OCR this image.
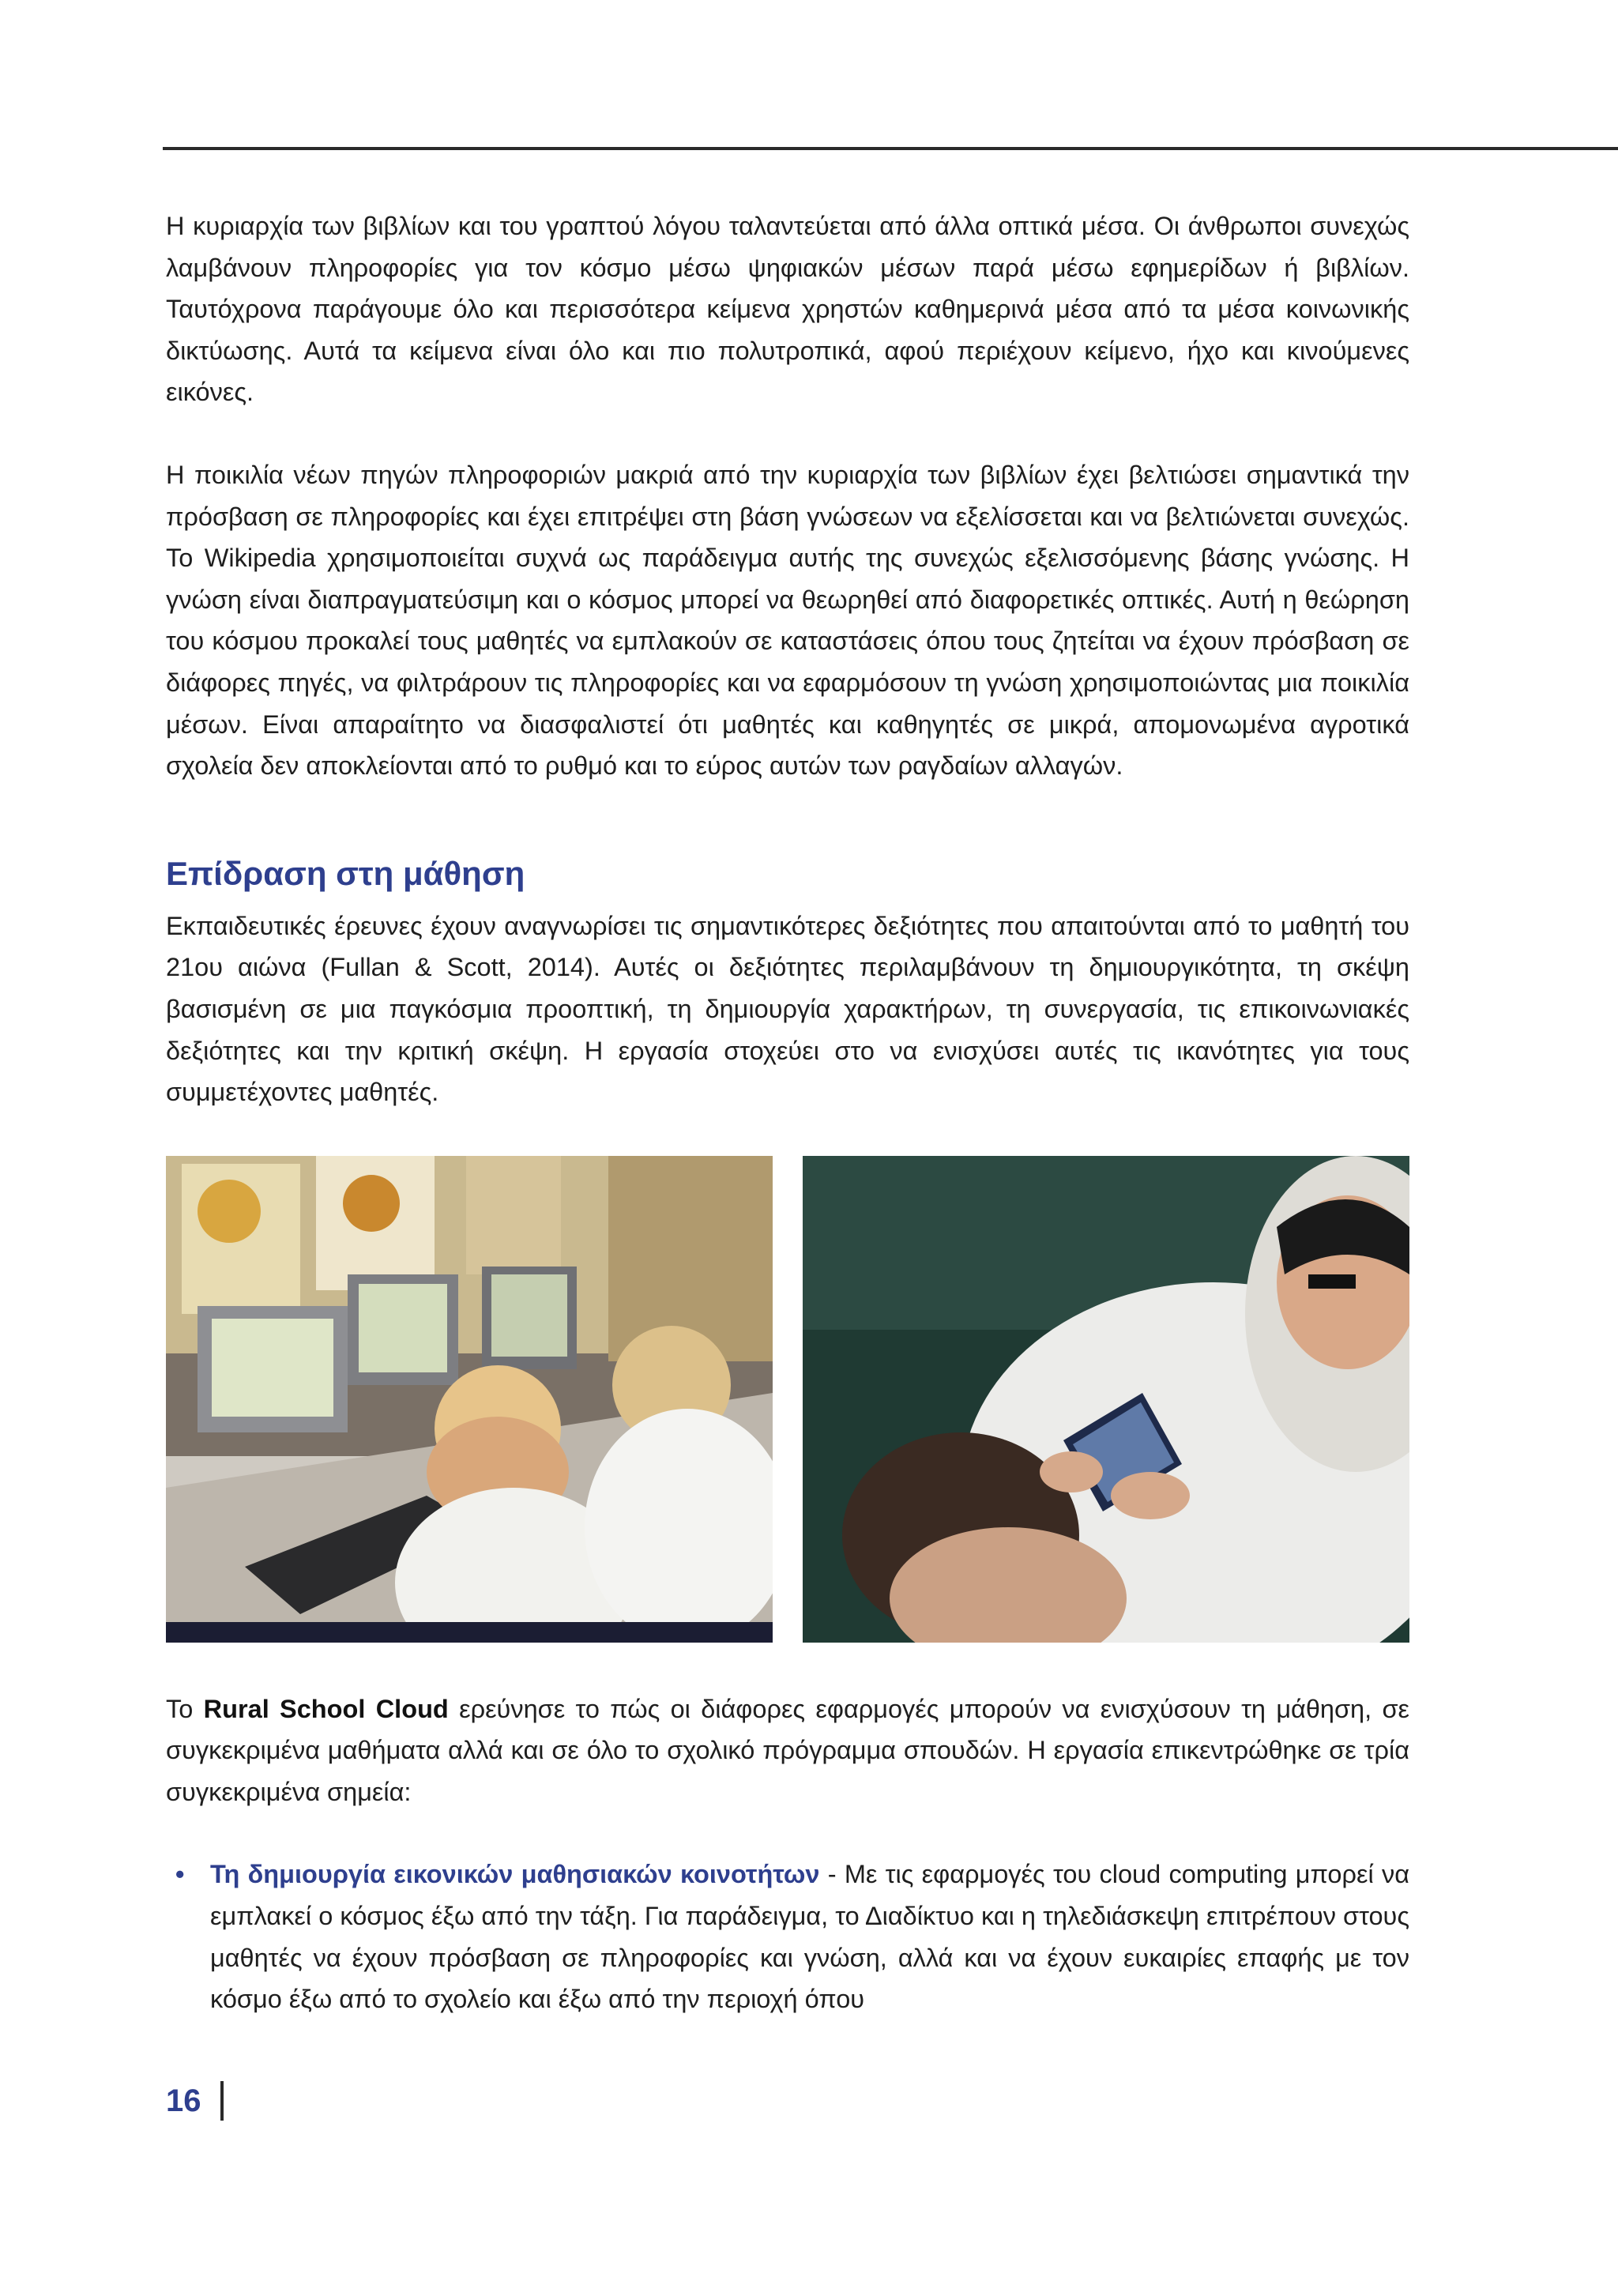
Η κυριαρχία των βιβλίων και του γραπτού λόγου ταλαντεύεται από άλλα οπτικά μέσα. Οι άνθρωποι συνεχώς λαμβάνουν πληροφορίες για τον κόσμο μέσω ψηφιακών μέσων παρά μέσω εφημερίδων ή βιβλίων. Ταυτόχρονα παράγουμε όλο και περισσότερα κείμενα χρηστών καθημερινά μέσα από τα μέσα κοινωνικής δικτύωσης. Αυτά τα κείμενα είναι όλο και πιο πολυτροπικά, αφού περιέχουν κείμενο, ήχο και κινούμενες εικόνες.

Η ποικιλία νέων πηγών πληροφοριών μακριά από την κυριαρχία των βιβλίων έχει βελτιώσει σημαντικά την πρόσβαση σε πληροφορίες και έχει επιτρέψει στη βάση γνώσεων να εξελίσσεται και να βελτιώνεται συνεχώς. Το Wikipedia χρησιμοποιείται συχνά ως παράδειγμα αυτής της συνεχώς εξελισσόμενης βάσης γνώσης. Η γνώση είναι διαπραγματεύσιμη και ο κόσμος μπορεί να θεωρηθεί από διαφορετικές οπτικές. Αυτή η θεώρηση του κόσμου προκαλεί τους μαθητές να εμπλακούν σε καταστάσεις όπου τους ζητείται να έχουν πρόσβαση σε διάφορες πηγές, να φιλτράρουν τις πληροφορίες και να εφαρμόσουν τη γνώση χρησιμοποιώντας μια ποικιλία μέσων. Είναι απαραίτητο να διασφαλιστεί ότι μαθητές και καθηγητές σε μικρά, απομονωμένα αγροτικά σχολεία δεν αποκλείονται από το ρυθμό και το εύρος αυτών των ραγδαίων αλλαγών.

Επίδραση στη μάθηση

Εκπαιδευτικές έρευνες έχουν αναγνωρίσει τις σημαντικότερες δεξιότητες που απαιτούνται από το μαθητή του 21ου αιώνα (Fullan & Scott, 2014). Αυτές οι δεξιότητες περιλαμβάνουν τη δημιουργικότητα, τη σκέψη βασισμένη σε μια παγκόσμια προοπτική, τη δημιουργία χαρακτήρων, τη συνεργασία, τις επικοινωνιακές δεξιότητες και την κριτική σκέψη. Η εργασία στοχεύει στο να ενισχύσει αυτές τις ικανότητες για τους συμμετέχοντες μαθητές.

Το Rural School Cloud ερεύνησε το πώς οι διάφορες εφαρμογές μπορούν να ενισχύσουν τη μάθηση, σε συγκεκριμένα μαθήματα αλλά και σε όλο το σχολικό πρόγραμμα σπουδών. Η εργασία επικεντρώθηκε σε τρία συγκεκριμένα σημεία:

• Τη δημιουργία εικονικών μαθησιακών κοινοτήτων - Με τις εφαρμογές του cloud computing μπορεί να εμπλακεί ο κόσμος έξω από την τάξη. Για παράδειγμα, το Διαδίκτυο και η τηλεδιάσκεψη επιτρέπουν στους μαθητές να έχουν πρόσβαση σε πληροφορίες και γνώση, αλλά και να έχουν ευκαιρίες επαφής με τον κόσμο έξω από το σχολείο και έξω από την περιοχή όπου
16
